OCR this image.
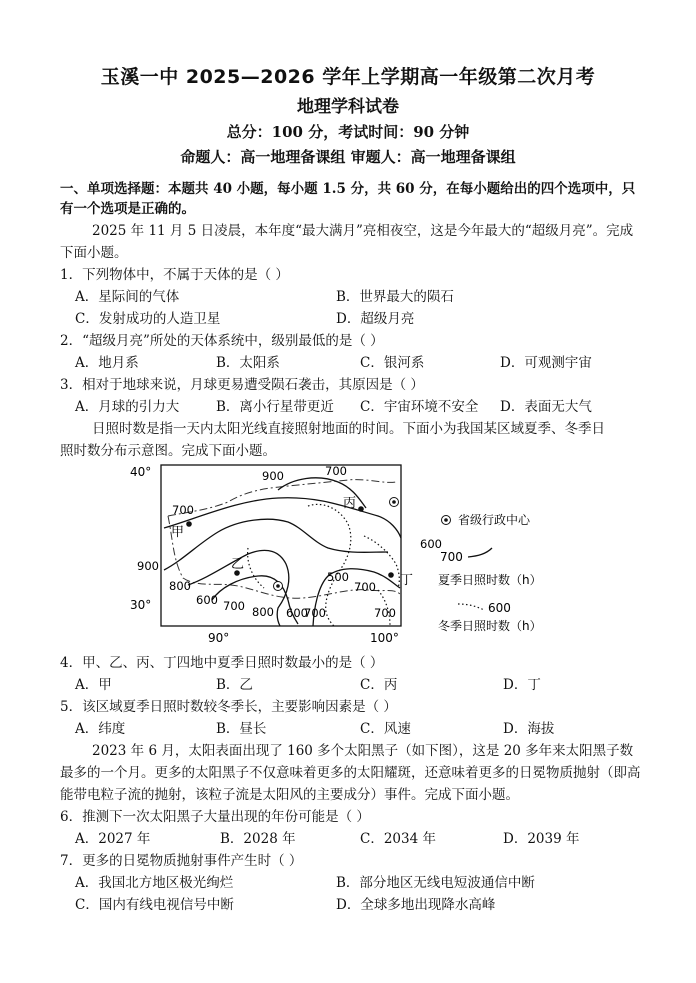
玉溪一中 2025—2026 学年上学期高一年级第二次月考
地理学科试卷
总分：100 分，考试时间：90 分钟
命题人：高一地理备课组 审题人：高一地理备课组
一、单项选择题：本题共 40 小题，每小题 1.5 分，共 60 分，在每小题给出的四个选项中，只
有一个选项是正确的。
2025 年 11 月 5 日凌晨，本年度“最大满月”亮相夜空，这是今年最大的“超级月亮”。完成
下面小题。
1．下列物体中，不属于天体的是（ ）
A．星际间的气体	B．世界最大的陨石
C．发射成功的人造卫星	D．超级月亮
2．“超级月亮”所处的天体系统中，级别最低的是（ ）
A．地月系	B．太阳系	C．银河系	D．可观测宇宙
3．相对于地球来说，月球更易遭受陨石袭击，其原因是（ ）
A．月球的引力大	B．离小行星带更近 C．宇宙环境不安全 D．表面无大气
日照时数是指一天内太阳光线直接照射地面的时间。下面小为我国某区域夏季、冬季日
照时数分布示意图。完成下面小题。
40°
30°
90°	100°
900	700
700
900
800
600 700 800 600
700
500
600
700
700
甲
乙
丙
丁
省级行政中心
700
夏季日照时数（h）
600
冬季日照时数（h）
4．甲、乙、丙、丁四地中夏季日照时数最小的是（ ）
A．甲	B．乙	C．丙	D．丁
5．该区域夏季日照时数较冬季长，主要影响因素是（ ）
A．纬度	B．昼长	C．风速	D．海拔
2023 年 6 月，太阳表面出现了 160 多个太阳黑子（如下图），这是 20 多年来太阳黑子数
最多的一个月。更多的太阳黑子不仅意味着更多的太阳耀斑，还意味着更多的日冕物质抛射（即高
能带电粒子流的抛射，该粒子流是太阳风的主要成分）事件。完成下面小题。
6．推测下一次太阳黑子大量出现的年份可能是（ ）
A．2027 年	B．2028 年	C．2034 年	D．2039 年
7．更多的日冕物质抛射事件产生时（ ）
A．我国北方地区极光绚烂	B．部分地区无线电短波通信中断
C．国内有线电视信号中断	D．全球多地出现降水高峰
